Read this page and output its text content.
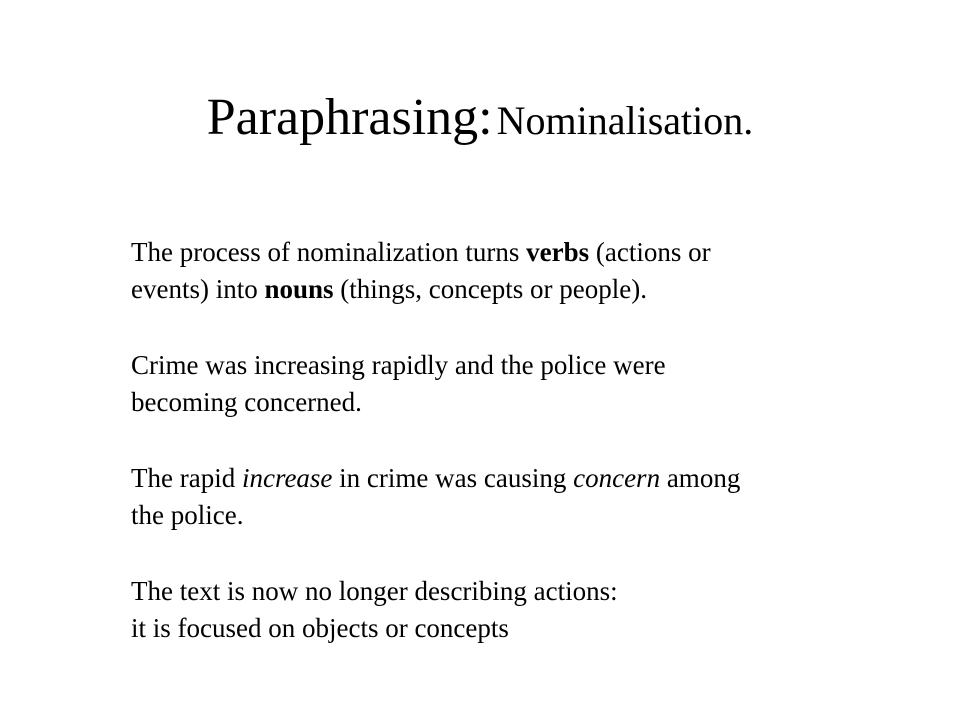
Paraphrasing: Nominalisation.

The process of nominalization turns verbs (actions or
events) into nouns (things, concepts or people).

Crime was increasing rapidly and the police were
becoming concerned.

The rapid increase in crime was causing concern among
the police.

The text is now no longer describing actions:
it is focused on objects or concepts
